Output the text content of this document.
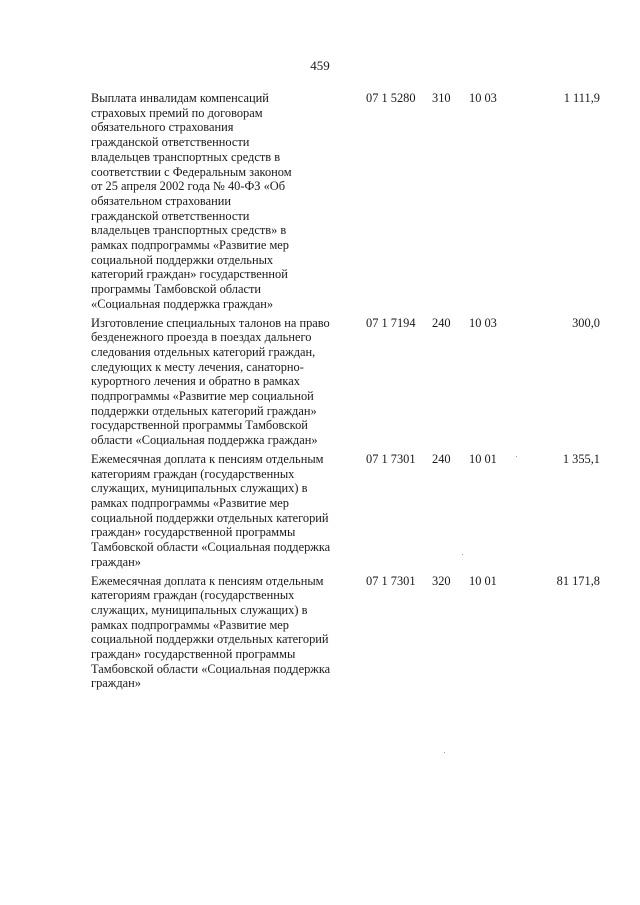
459
Выплата инвалидам компенсаций
страховых премий по договорам
обязательного страхования
гражданской ответственности
владельцев транспортных средств в
соответствии с Федеральным законом
от 25 апреля 2002 года № 40-ФЗ «Об
обязательном страховании
гражданской ответственности
владельцев транспортных средств» в
рамках подпрограммы «Развитие мер
социальной поддержки отдельных
категорий граждан» государственной
программы Тамбовской области
«Социальная поддержка граждан»
07 1 5280 310 10 03	1 111,9
Изготовление специальных талонов на право
безденежного проезда в поездах дальнего
следования отдельных категорий граждан,
следующих к месту лечения, санаторно-
курортного лечения и обратно в рамках
подпрограммы «Развитие мер социальной
поддержки отдельных категорий граждан»
государственной программы Тамбовской
области «Социальная поддержка граждан»
07 1 7194 240 10 03	300,0
Ежемесячная доплата к пенсиям отдельным
категориям граждан (государственных
служащих, муниципальных служащих) в
рамках подпрограммы «Развитие мер
социальной поддержки отдельных категорий
граждан» государственной программы
Тамбовской области «Социальная поддержка
граждан»
07 1 7301 240 10 01	1 355,1
Ежемесячная доплата к пенсиям отдельным
категориям граждан (государственных
служащих, муниципальных служащих) в
рамках подпрограммы «Развитие мер
социальной поддержки отдельных категорий
граждан» государственной программы
Тамбовской области «Социальная поддержка
граждан»
07 1 7301 320 10 01	81 171,8
